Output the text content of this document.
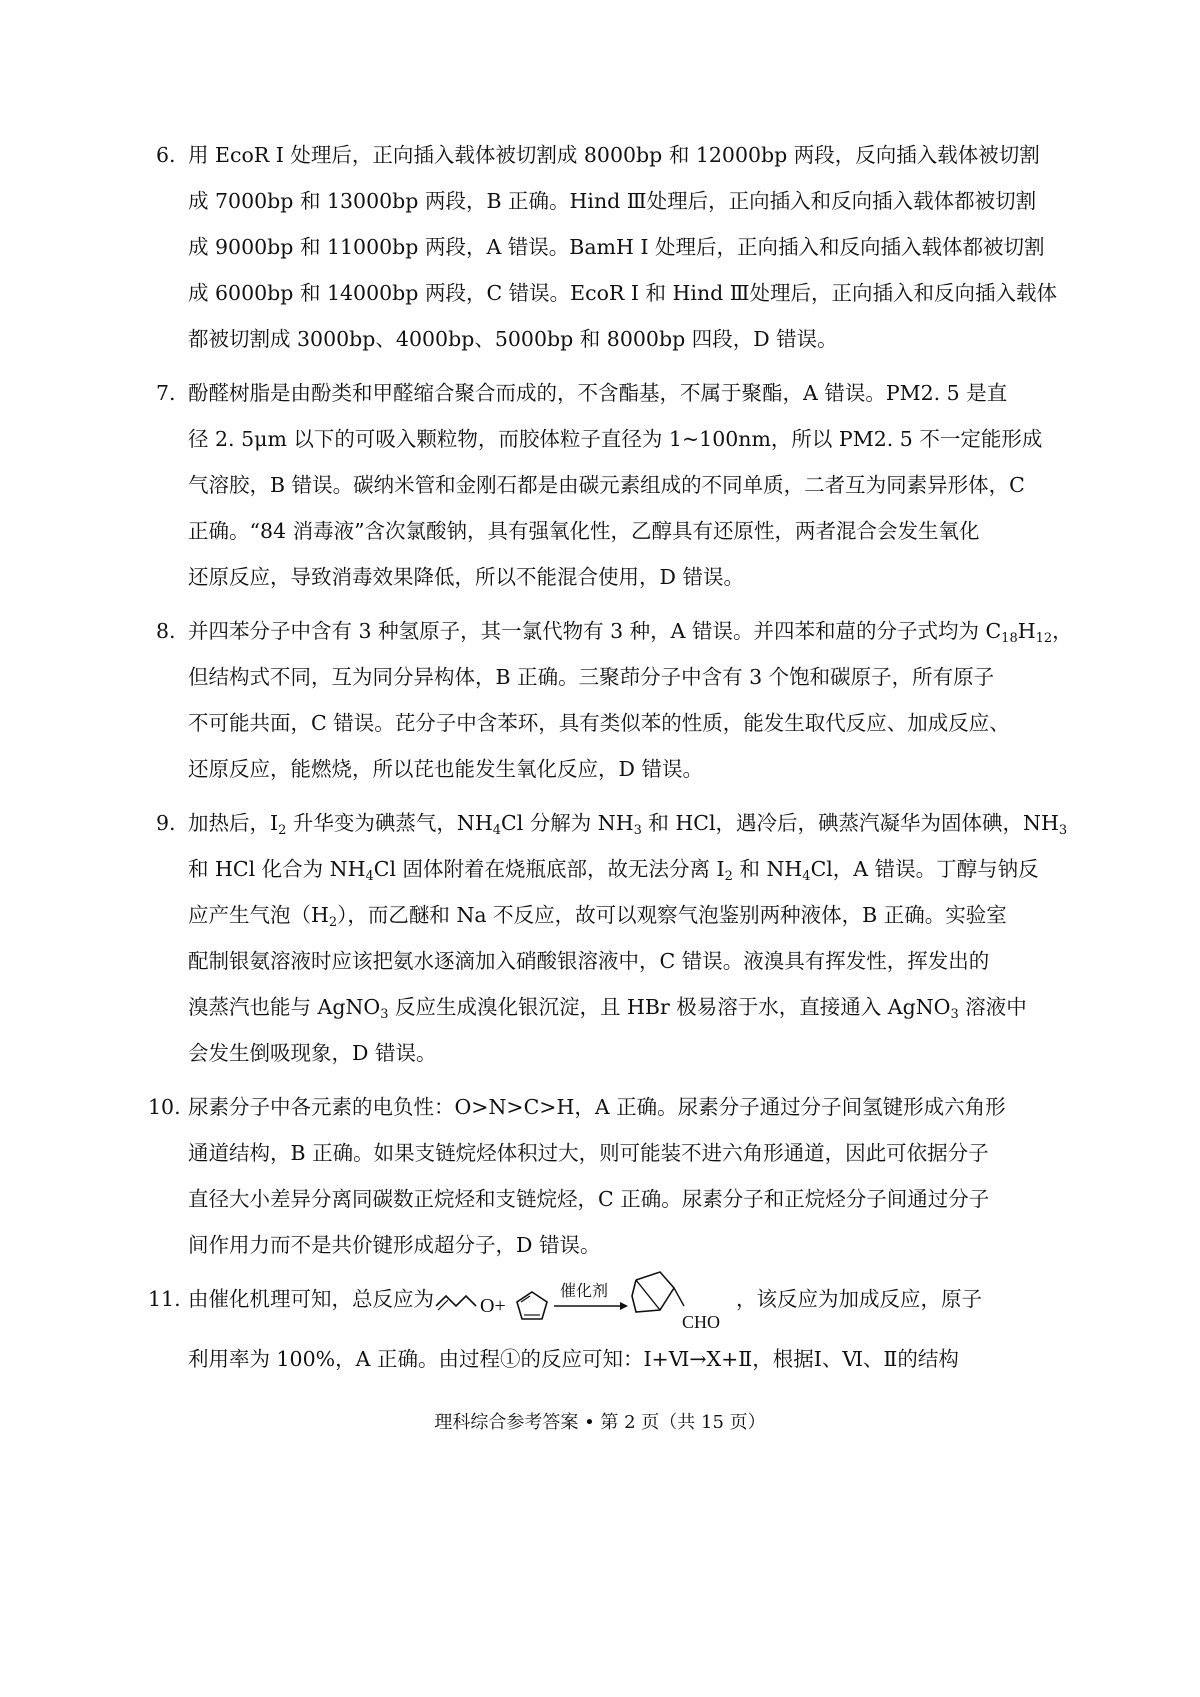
6. 用 EcoR Ⅰ 处理后，正向插入载体被切割成 8000bp 和 12000bp 两段，反向插入载体被切割
成 7000bp 和 13000bp 两段，B 正确。Hind Ⅲ处理后，正向插入和反向插入载体都被切割
成 9000bp 和 11000bp 两段，A 错误。BamH Ⅰ 处理后，正向插入和反向插入载体都被切割
成 6000bp 和 14000bp 两段，C 错误。EcoR Ⅰ 和 Hind Ⅲ处理后，正向插入和反向插入载体
都被切割成 3000bp、4000bp、5000bp 和 8000bp 四段，D 错误。
7. 酚醛树脂是由酚类和甲醛缩合聚合而成的，不含酯基，不属于聚酯，A 错误。PM2. 5 是直
径 2. 5μm 以下的可吸入颗粒物，而胶体粒子直径为 1~100nm，所以 PM2. 5 不一定能形成
气溶胶，B 错误。碳纳米管和金刚石都是由碳元素组成的不同单质，二者互为同素异形体，C
正确。“84 消毒液”含次氯酸钠，具有强氧化性，乙醇具有还原性，两者混合会发生氧化
还原反应，导致消毒效果降低，所以不能混合使用，D 错误。
8. 并四苯分子中含有 3 种氢原子，其一氯代物有 3 种，A 错误。并四苯和䓛的分子式均为 $C_{18}H_{12}$，
但结构式不同，互为同分异构体，B 正确。三聚茚分子中含有 3 个饱和碳原子，所有原子
不可能共面，C 错误。芘分子中含苯环，具有类似苯的性质，能发生取代反应、加成反应、
还原反应，能燃烧，所以芘也能发生氧化反应，D 错误。
9. 加热后，$I_2$ 升华变为碘蒸气，$NH_4Cl$ 分解为 $NH_3$ 和 HCl，遇冷后，碘蒸汽凝华为固体碘，$NH_3$
和 HCl 化合为 $NH_4Cl$ 固体附着在烧瓶底部，故无法分离 $I_2$ 和 $NH_4Cl$，A 错误。丁醇与钠反
应产生气泡$(H_2)$，而乙醚和 Na 不反应，故可以观察气泡鉴别两种液体，B 正确。实验室
配制银氨溶液时应该把氨水逐滴加入硝酸银溶液中，C 错误。液溴具有挥发性，挥发出的
溴蒸汽也能与 AgNO$_3$ 反应生成溴化银沉淀，且 HBr 极易溶于水，直接通入 AgNO$_3$ 溶液中
会发生倒吸现象，D 错误。
10. 尿素分子中各元素的电负性：O>N>C>H，A 正确。尿素分子通过分子间氢键形成六角形
通道结构，B 正确。如果支链烷烃体积过大，则可能装不进六角形通道，因此可依据分子
直径大小差异分离同碳数正烷烃和支链烷烃，C 正确。尿素分子和正烷烃分子间通过分子
间作用力而不是共价键形成超分子，D 错误。
11. 由催化机理可知，总反应为 O+
催化剂
CHO
，该反应为加成反应，原子
利用率为 100%，A 正确。由过程①的反应可知：Ⅰ+Ⅵ→X+Ⅱ，根据Ⅰ、Ⅵ、Ⅱ的结构
理科综合参考答案 • 第 2 页（共 15 页）
